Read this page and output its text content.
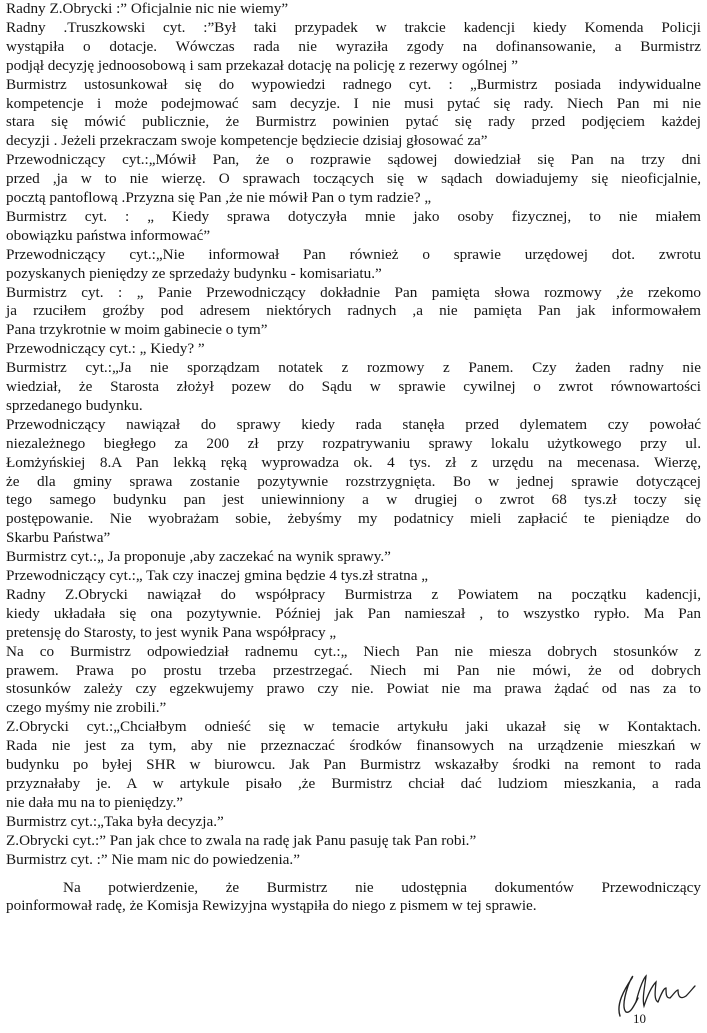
Radny Z.Obrycki :” Oficjalnie nic nie wiemy”
Radny .Truszkowski cyt. :”Był taki przypadek w trakcie kadencji kiedy Komenda Policji
wystąpiła o dotacje. Wówczas rada nie wyraziła zgody na dofinansowanie, a Burmistrz
podjął decyzję jednoosobową i sam przekazał dotację na policję z rezerwy ogólnej ”
Burmistrz ustosunkował się do wypowiedzi radnego cyt. : „Burmistrz posiada indywidualne
kompetencje i może podejmować sam decyzje. I nie musi pytać się rady. Niech Pan mi nie
stara się mówić publicznie, że Burmistrz powinien pytać się rady przed podjęciem każdej
decyzji . Jeżeli przekraczam swoje kompetencje będziecie dzisiaj głosować za”
Przewodniczący cyt.:„Mówił Pan, że o rozprawie sądowej dowiedział się Pan na trzy dni
przed ,ja w to nie wierzę. O sprawach toczących się w sądach dowiadujemy się nieoficjalnie,
pocztą pantoflową .Przyzna się Pan ,że nie mówił Pan o tym radzie? „
Burmistrz cyt. : „ Kiedy sprawa dotyczyła mnie jako osoby fizycznej, to nie miałem
obowiązku państwa informować”
Przewodniczący cyt.:„Nie informował Pan również o sprawie urzędowej dot. zwrotu
pozyskanych pieniędzy ze sprzedaży budynku - komisariatu.”
Burmistrz cyt. : „ Panie Przewodniczący dokładnie Pan pamięta słowa rozmowy ,że rzekomo
ja rzuciłem groźby pod adresem niektórych radnych ,a nie pamięta Pan jak informowałem
Pana trzykrotnie w moim gabinecie o tym”
Przewodniczący cyt.: „ Kiedy? ”
Burmistrz cyt.:„Ja nie sporządzam notatek z rozmowy z Panem. Czy żaden radny nie
wiedział, że Starosta złożył pozew do Sądu w sprawie cywilnej o zwrot równowartości
sprzedanego budynku.
Przewodniczący nawiązał do sprawy kiedy rada stanęła przed dylematem czy powołać
niezależnego biegłego za 200 zł przy rozpatrywaniu sprawy lokalu użytkowego przy ul.
Łomżyńskiej 8.A Pan lekką ręką wyprowadza ok. 4 tys. zł z urzędu na mecenasa. Wierzę,
że dla gminy sprawa zostanie pozytywnie rozstrzygnięta. Bo w jednej sprawie dotyczącej
tego samego budynku pan jest uniewinniony a w drugiej o zwrot 68 tys.zł toczy się
postępowanie. Nie wyobrażam sobie, żebyśmy my podatnicy mieli zapłacić te pieniądze do
Skarbu Państwa”
Burmistrz cyt.:„ Ja proponuje ,aby zaczekać na wynik sprawy.”
Przewodniczący cyt.:„ Tak czy inaczej gmina będzie 4 tys.zł stratna „
Radny Z.Obrycki nawiązał do współpracy Burmistrza z Powiatem na początku kadencji,
kiedy układała się ona pozytywnie. Później jak Pan namieszał , to wszystko rypło. Ma Pan
pretensję do Starosty, to jest wynik Pana współpracy „
Na co Burmistrz odpowiedział radnemu cyt.:„ Niech Pan nie miesza dobrych stosunków z
prawem. Prawa po prostu trzeba przestrzegać. Niech mi Pan nie mówi, że od dobrych
stosunków zależy czy egzekwujemy prawo czy nie. Powiat nie ma prawa żądać od nas za to
czego myśmy nie zrobili.”
Z.Obrycki cyt.:„Chciałbym odnieść się w temacie artykułu jaki ukazał się w Kontaktach.
Rada nie jest za tym, aby nie przeznaczać środków finansowych na urządzenie mieszkań w
budynku po byłej SHR w biurowcu. Jak Pan Burmistrz wskazałby środki na remont to rada
przyznałaby je. A w artykule pisało ,że Burmistrz chciał dać ludziom mieszkania, a rada
nie dała mu na to pieniędzy.”
Burmistrz cyt.:„Taka była decyzja.”
Z.Obrycki cyt.:” Pan jak chce to zwala na radę jak Panu pasuję tak Pan robi.”
Burmistrz cyt. :” Nie mam nic do powiedzenia.”
Na potwierdzenie, że Burmistrz nie udostępnia dokumentów Przewodniczący
poinformował radę, że Komisja Rewizyjna wystąpiła do niego z pismem w tej sprawie.
10
